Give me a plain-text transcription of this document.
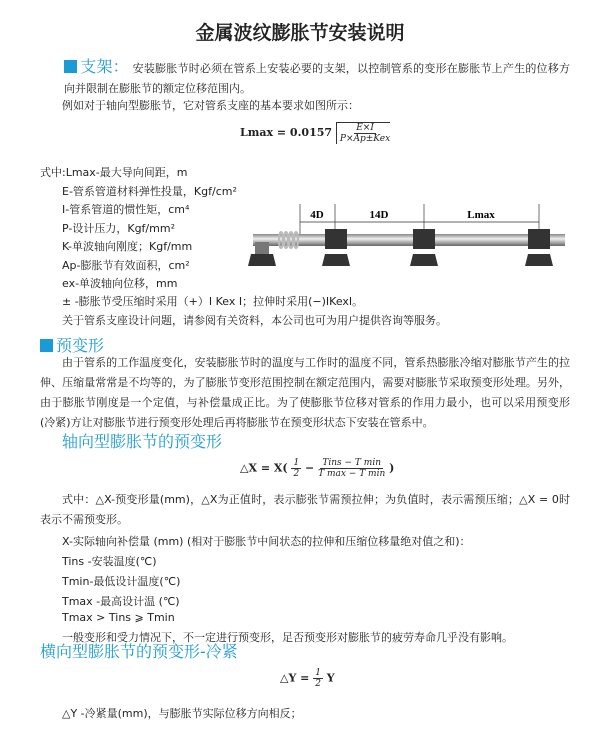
金属波纹膨胀节安装说明
支架： 安装膨胀节时必须在管系上安装必要的支架，以控制管系的变形在膨胀节上产生的位移方向并限制在膨胀节的额定位移范围内。
例如对于轴向型膨胀节，它对管系支座的基本要求如图所示：
$Lmax = 0.0157 \frac{E\times I}{\text{P×Ap±Kex}}$
式中:Lmax-最大导向间距，m
E-管系管道材料弹性投量，Kgf/cm²
I-管系管道的惯性矩，cm⁴
P-设计压力，Kgf/mm²
K-单波轴向刚度；Kgf/mm
Ap-膨胀节有效面积，cm²
ex-单波轴向位移，mm
± -膨胀节受压缩时采用（+）I Kex I；拉伸时采用(−)IKexI。
关于管系支座设计问题，请参阅有关资料，本公司也可为用户提供咨询等服务。
4D	14D	Lmax
预变形
由于管系的工作温度变化，安装膨胀节时的温度与工作时的温度不同，管系热膨胀冷缩对膨胀节产生的拉伸、压缩量常常是不均等的，为了膨胀节变形范围控制在额定范围内，需要对膨胀节采取预变形处理。另外，由于膨胀节刚度是一个定值，与补偿量成正比。为了使膨胀节位移对管系的作用力最小，也可以采用预变形(冷紧)方让对膨胀节进行预变形处理后再将膨胀节在预变形状态下安装在管系中。
轴向型膨胀节的预变形
△X = $X( \frac{1}{2} - \frac{\text{Tins − T min}}{\text{T max − T min}}$ )
式中：△X-预变形量(mm)，△X为正值时，表示膨张节需预拉伸；为负值时，表示需预压缩；△X = 0时表示不需预变形。
X-实际轴向补偿量 (mm) (相对于膨胀节中间状态的拉伸和压缩位移量绝对值之和)：
Tins -安装温度(℃)
Tmin-最低设计温度(℃)
Tmax -最高设计温 (℃)
Tmax > Tins ⩾ Tmin
一般变形和受力情况下，不一定进行预变形，足否预变形对膨胀节的疲劳寿命几乎没有影响。
横向型膨胀节的预变形-冷紧
△Y = $\frac{1}{2}$ Y
△Y -冷紧量(mm)，与膨胀节实际位移方向相反；
